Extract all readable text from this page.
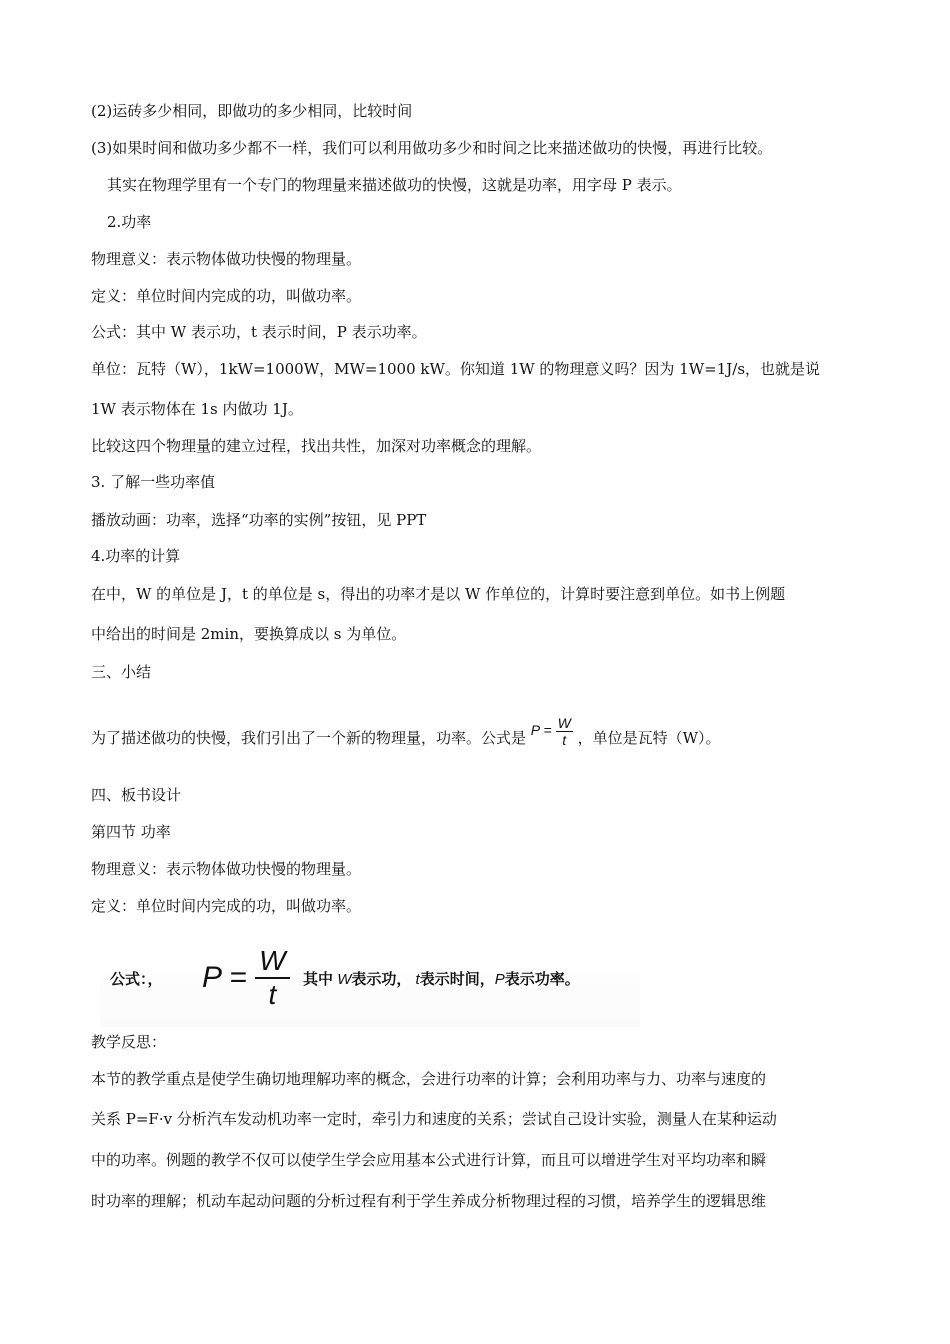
(2)运砖多少相同，即做功的多少相同，比较时间
(3)如果时间和做功多少都不一样，我们可以利用做功多少和时间之比来描述做功的快慢，再进行比较。
其实在物理学里有一个专门的物理量来描述做功的快慢，这就是功率，用字母 P 表示。
2.功率
物理意义：表示物体做功快慢的物理量。
定义：单位时间内完成的功，叫做功率。
公式：其中 W 表示功，t 表示时间，P 表示功率。
单位：瓦特（W），1kW=1000W，MW=1000 kW。你知道 1W 的物理意义吗？因为 1W=1J/s，也就是说
1W 表示物体在 1s 内做功 1J。
比较这四个物理量的建立过程，找出共性，加深对功率概念的理解。
3. 了解一些功率值
播放动画：功率，选择“功率的实例”按钮，见 PPT
4.功率的计算
在中，W 的单位是 J，t 的单位是 s，得出的功率才是以 W 作单位的，计算时要注意到单位。如书上例题
中给出的时间是 2min，要换算成以 s 为单位。
三、小结
为了描述做功的快慢，我们引出了一个新的物理量，功率。公式是 $P = \frac{W}{t}$ ，单位是瓦特（W）。
四、板书设计
第四节 功率
物理意义：表示物体做功快慢的物理量。
定义：单位时间内完成的功，叫做功率。
公式：， $P = \frac{W}{t}$ 其中 W表示功， t表示时间，P表示功率。
教学反思：
本节的教学重点是使学生确切地理解功率的概念，会进行功率的计算；会利用功率与力、功率与速度的
关系 P=F·v 分析汽车发动机功率一定时，牵引力和速度的关系；尝试自己设计实验，测量人在某种运动
中的功率。例题的教学不仅可以使学生学会应用基本公式进行计算，而且可以增进学生对平均功率和瞬
时功率的理解；机动车起动问题的分析过程有利于学生养成分析物理过程的习惯，培养学生的逻辑思维
